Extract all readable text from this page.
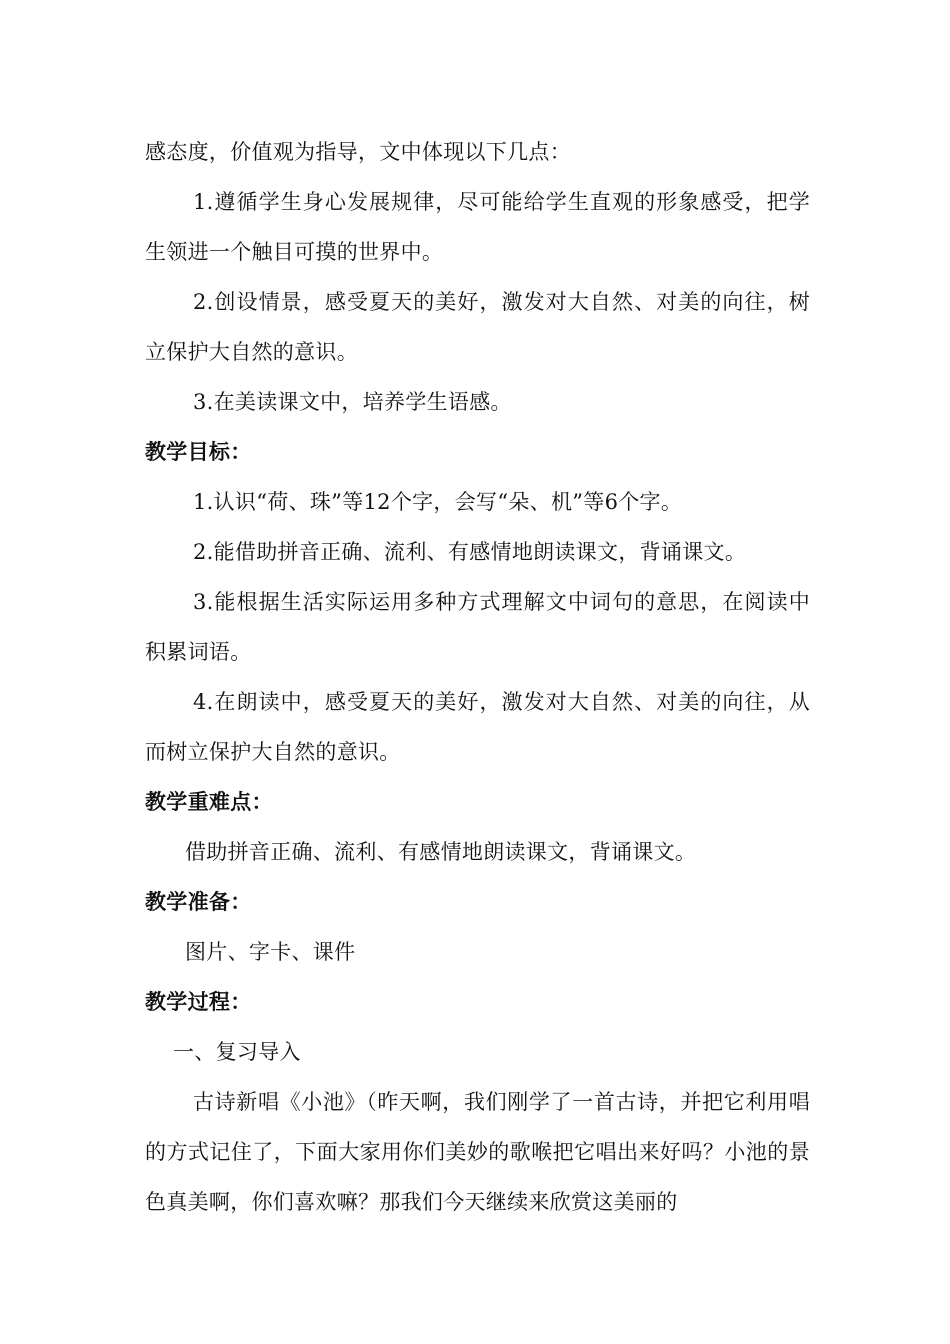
感态度，价值观为指导，文中体现以下几点：

1.遵循学生身心发展规律，尽可能给学生直观的形象感受，把学生领进一个触目可摸的世界中。

2.创设情景，感受夏天的美好，激发对大自然、对美的向往，树立保护大自然的意识。

3.在美读课文中，培养学生语感。

教学目标：

1.认识“荷、珠”等12个字，会写“朵、机”等6个字。

2.能借助拼音正确、流利、有感情地朗读课文，背诵课文。

3.能根据生活实际运用多种方式理解文中词句的意思，在阅读中积累词语。

4.在朗读中，感受夏天的美好，激发对大自然、对美的向往，从而树立保护大自然的意识。

教学重难点：

借助拼音正确、流利、有感情地朗读课文，背诵课文。

教学准备：

图片、字卡、课件

教学过程：

一、复习导入

古诗新唱《小池》（昨天啊，我们刚学了一首古诗，并把它利用唱的方式记住了，下面大家用你们美妙的歌喉把它唱出来好吗？小池的景色真美啊，你们喜欢嘛？那我们今天继续来欣赏这美丽的
